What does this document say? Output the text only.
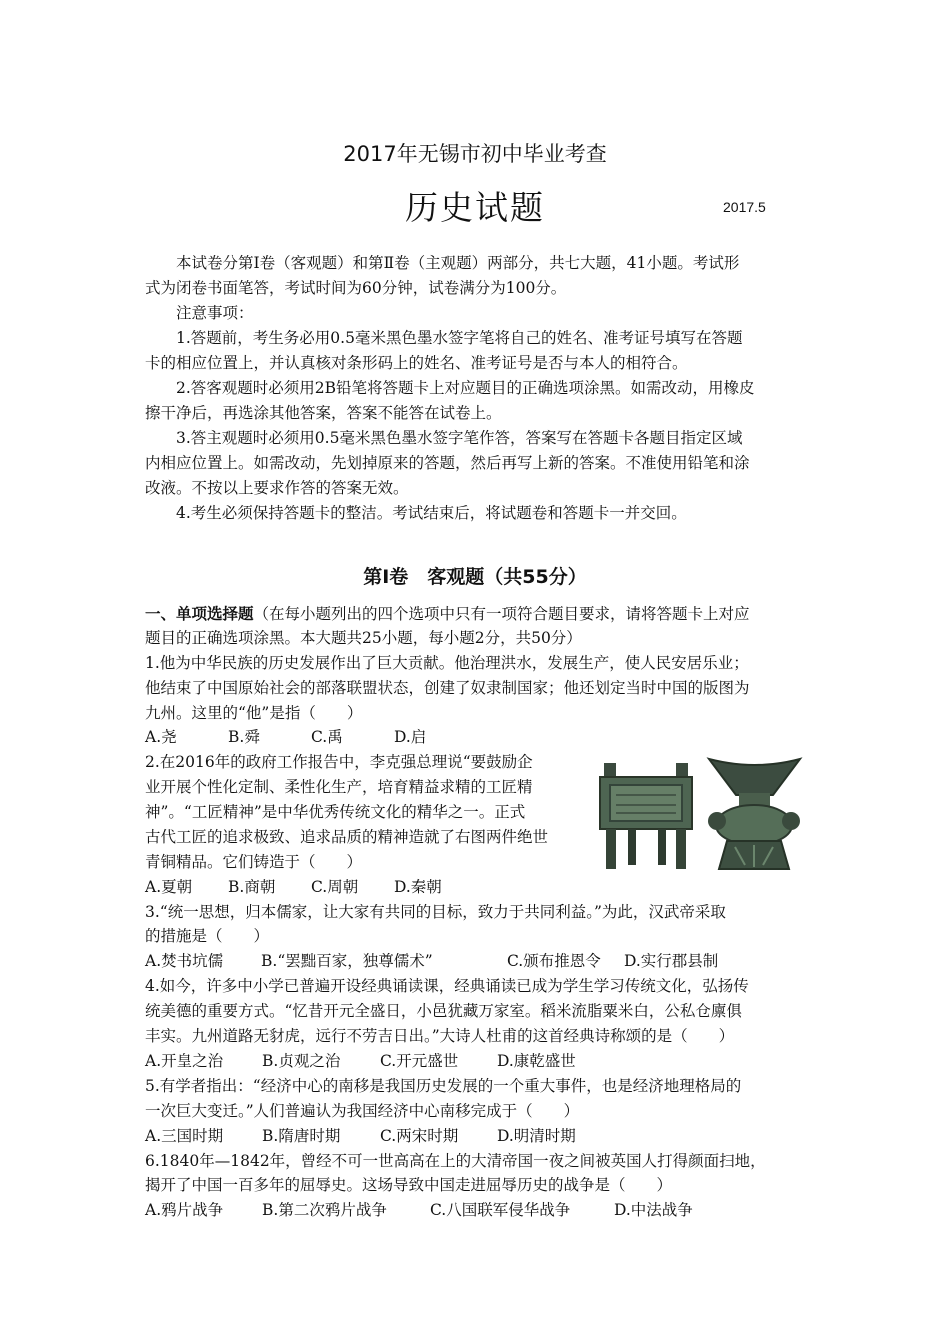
2017年无锡市初中毕业考查
历史试题	2017.5
本试卷分第Ⅰ卷（客观题）和第Ⅱ卷（主观题）两部分，共七大题，41小题。考试形
式为闭卷书面笔答，考试时间为60分钟，试卷满分为100分。
注意事项：
1.答题前，考生务必用0.5毫米黑色墨水签字笔将自己的姓名、准考证号填写在答题
卡的相应位置上，并认真核对条形码上的姓名、准考证号是否与本人的相符合。
2.答客观题时必须用2B铅笔将答题卡上对应题目的正确选项涂黑。如需改动，用橡皮
擦干净后，再选涂其他答案，答案不能答在试卷上。
3.答主观题时必须用0.5毫米黑色墨水签字笔作答，答案写在答题卡各题目指定区域
内相应位置上。如需改动，先划掉原来的答题，然后再写上新的答案。不准使用铅笔和涂
改液。不按以上要求作答的答案无效。
4.考生必须保持答题卡的整洁。考试结束后，将试题卷和答题卡一并交回。
第Ⅰ卷　客观题（共55分）
一、单项选择题（在每小题列出的四个选项中只有一项符合题目要求，请将答题卡上对应
题目的正确选项涂黑。本大题共25小题，每小题2分，共50分）
1.他为中华民族的历史发展作出了巨大贡献。他治理洪水，发展生产，使人民安居乐业；
他结束了中国原始社会的部落联盟状态，创建了奴隶制国家；他还划定当时中国的版图为
九州。这里的“他”是指（　　）
A.尧	B.舜	C.禹	D.启
2.在2016年的政府工作报告中，李克强总理说“要鼓励企
业开展个性化定制、柔性化生产，培育精益求精的工匠精
神”。“工匠精神”是中华优秀传统文化的精华之一。正式
古代工匠的追求极致、追求品质的精神造就了右图两件绝世
青铜精品。它们铸造于（　　）
A.夏朝 B.商朝 C.周朝 D.秦朝
3.“统一思想，归本儒家，让大家有共同的目标，致力于共同利益。”为此，汉武帝采取
的措施是（　　）
A.焚书坑儒 B.“罢黜百家，独尊儒术”	C.颁布推恩令 D.实行郡县制
4.如今，许多中小学已普遍开设经典诵读课，经典诵读已成为学生学习传统文化，弘扬传
统美德的重要方式。“忆昔开元全盛日，小邑犹藏万家室。稻米流脂粟米白，公私仓廪俱
丰实。九州道路无豺虎，远行不劳吉日出。”大诗人杜甫的这首经典诗称颂的是（　　）
A.开皇之治	B.贞观之治	C.开元盛世	D.康乾盛世
5.有学者指出：“经济中心的南移是我国历史发展的一个重大事件，也是经济地理格局的
一次巨大变迁。”人们普遍认为我国经济中心南移完成于（　　）
A.三国时期	B.隋唐时期	C.两宋时期	D.明清时期
6.1840年—1842年，曾经不可一世高高在上的大清帝国一夜之间被英国人打得颜面扫地，
揭开了中国一百多年的屈辱史。这场导致中国走进屈辱历史的战争是（　　）
A.鸦片战争	B.第二次鸦片战争	C.八国联军侵华战争	D.中法战争
